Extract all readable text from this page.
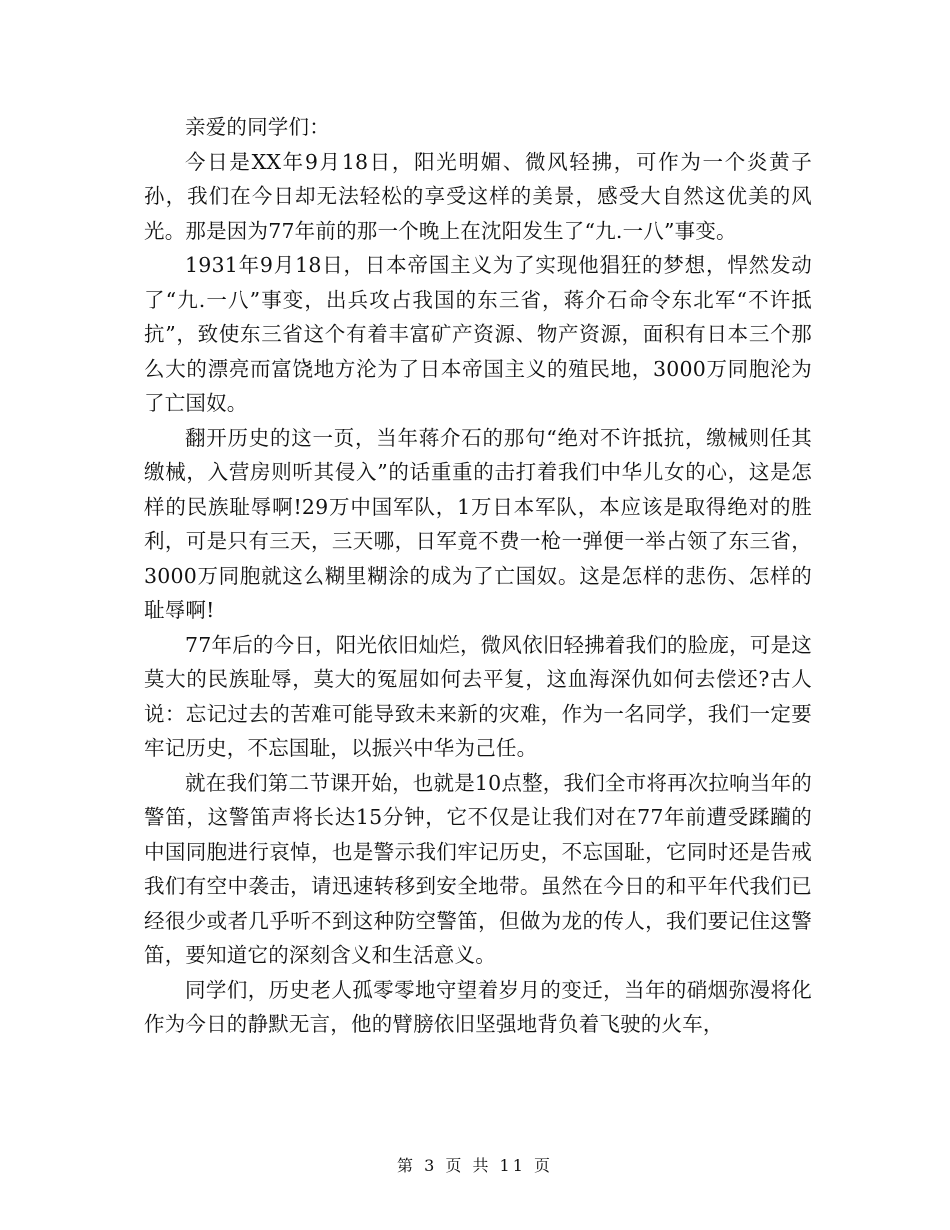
亲爱的同学们：

今日是XX年9月18日，阳光明媚、微风轻拂，可作为一个炎黄子孙，我们在今日却无法轻松的享受这样的美景，感受大自然这优美的风光。那是因为77年前的那一个晚上在沈阳发生了“九.一八”事变。

1931年9月18日，日本帝国主义为了实现他猖狂的梦想，悍然发动了“九.一八”事变，出兵攻占我国的东三省，蒋介石命令东北军“不许抵抗”，致使东三省这个有着丰富矿产资源、物产资源，面积有日本三个那么大的漂亮而富饶地方沦为了日本帝国主义的殖民地，3000万同胞沦为了亡国奴。

翻开历史的这一页，当年蒋介石的那句“绝对不许抵抗，缴械则任其缴械，入营房则听其侵入”的话重重的击打着我们中华儿女的心，这是怎样的民族耻辱啊!29万中国军队，1万日本军队，本应该是取得绝对的胜利，可是只有三天，三天哪，日军竟不费一枪一弹便一举占领了东三省，3000万同胞就这么糊里糊涂的成为了亡国奴。这是怎样的悲伤、怎样的耻辱啊!

77年后的今日，阳光依旧灿烂，微风依旧轻拂着我们的脸庞，可是这莫大的民族耻辱，莫大的冤屈如何去平复，这血海深仇如何去偿还?古人说：忘记过去的苦难可能导致未来新的灾难，作为一名同学，我们一定要牢记历史，不忘国耻，以振兴中华为己任。

就在我们第二节课开始，也就是10点整，我们全市将再次拉响当年的警笛，这警笛声将长达15分钟，它不仅是让我们对在77年前遭受蹂躏的中国同胞进行哀悼，也是警示我们牢记历史，不忘国耻，它同时还是告戒我们有空中袭击，请迅速转移到安全地带。虽然在今日的和平年代我们已经很少或者几乎听不到这种防空警笛，但做为龙的传人，我们要记住这警笛，要知道它的深刻含义和生活意义。

同学们，历史老人孤零零地守望着岁月的变迁，当年的硝烟弥漫将化作为今日的静默无言，他的臂膀依旧坚强地背负着飞驶的火车，

第 3 页 共 11 页
